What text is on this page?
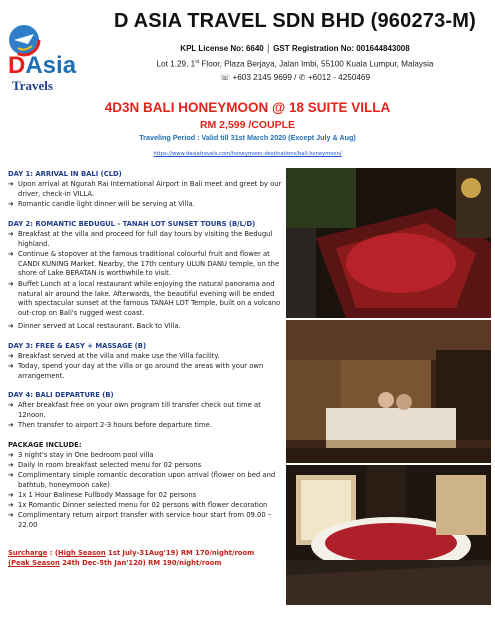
DAsia
Travels
D ASIA TRAVEL SDN BHD (960273-M)
KPL License No: 6640 │ GST Registration No: 001644843008
Lot 1.29, 1st Floor, Plaza Berjaya, Jalan Imbi, 55100 Kuala Lumpur, Malaysia
☏ +603 2145 9699 / ✆ +6012 - 4250469
4D3N BALI HONEYMOON @ 18 SUITE VILLA
RM 2,599 /COUPLE
Traveling Period : Valid till 31st March 2020 (Except July & Aug)
https://www.dasiatravels.com/honeymoon-destinations/bali-honeymoon/
DAY 1: ARRIVAL IN BALI (CLD)
➔ Upon arrival at Ngurah Rai International Airport in Bali meet and greet by our driver, check-in VILLA.
➔ Romantic candle light dinner will be serving at Villa.
DAY 2: ROMANTIC BEDUGUL - TANAH LOT SUNSET TOURS (B/L/D)
➔ Breakfast at the villa and proceed for full day tours by visiting the Bedugul highland.
➔ Continue & stopover at the famous traditional colourful fruit and flower at CANDI KUNING Market. Nearby, the 17th century ULUN DANU temple, on the shore of Lake BERATAN is worthwhile to visit.
➔ Buffet Lunch at a local restaurant while enjoying the natural panorama and natural air around the lake. Afterwards, the beautiful evening will be ended with spectacular sunset at the famous TANAH LOT Temple, built on a volcano out-crop on Bali's rugged west coast.
➔ Dinner served at Local restaurant. Back to Villa.
DAY 3: FREE & EASY + MASSAGE (B)
➔ Breakfast served at the villa and make use the Villa facility.
➔ Today, spend your day at the villa or go around the areas with your own arrangement.
DAY 4: BALI DEPARTURE (B)
➔ After breakfast free on your own program till transfer check out time at 12noon.
➔ Then transfer to airport 2-3 hours before departure time.
PACKAGE INCLUDE:
➔ 3 night's stay in One bedroom pool villa
➔ Daily in room breakfast selected menu for 02 persons
➔ Complimentary simple romantic decoration upon arrival (flower on bed and bathtub, honeymoon cake)
➔ 1x 1 Hour Balinese Fullbody Massage for 02 persons
➔ 1x Romantic Dinner selected menu for 02 persons with flower decoration
➔ Complimentary return airport transfer with service hour start from 09.00 – 22.00
Surcharge : (High Season 1st July-31Aug'19) RM 170/night/room
(Peak Season 24th Dec-5th Jan'120) RM 190/night/room
